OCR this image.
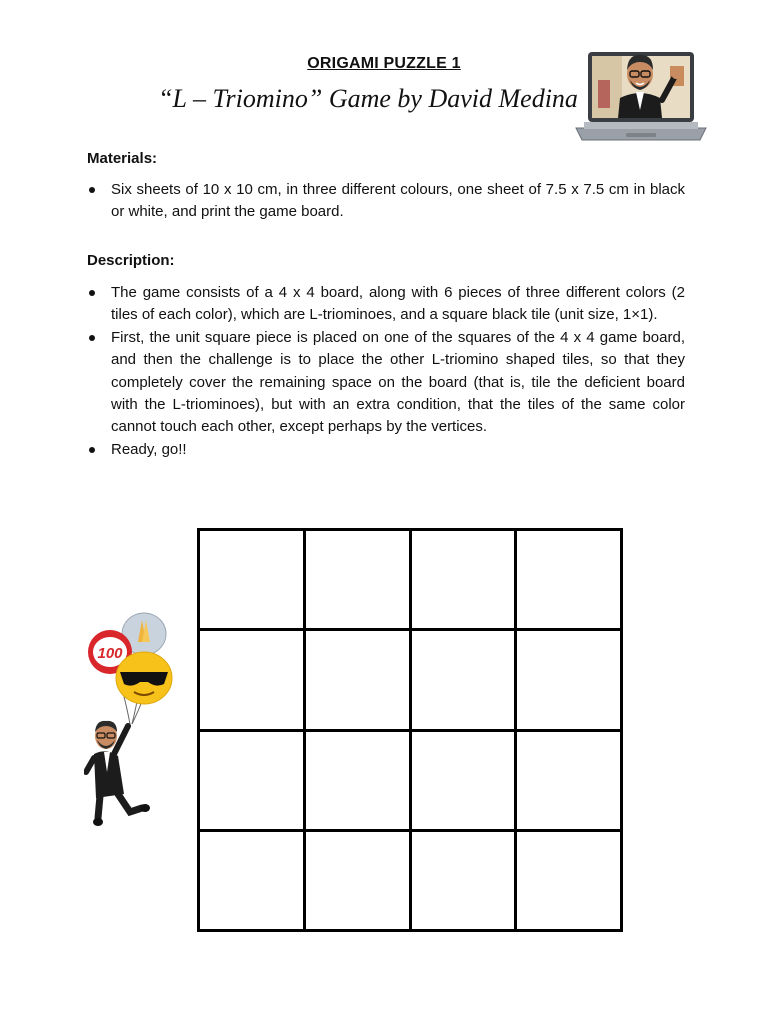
ORIGAMI PUZZLE 1
“L – Triomino” Game by David Medina
Materials:
Six sheets of 10 x 10 cm, in three different colours, one sheet of 7.5 x 7.5 cm in black or white, and print the game board.
Description:
The game consists of a 4 x 4 board, along with 6 pieces of three different colors (2 tiles of each color), which are L-triominoes, and a square black tile (unit size, 1×1).
First, the unit square piece is placed on one of the squares of the 4 x 4 game board, and then the challenge is to place the other L-triomino shaped tiles, so that they completely cover the remaining space on the board (that is, tile the deficient board with the L-triominoes), but with an extra condition, that the tiles of the same color cannot touch each other, except perhaps by the vertices.
Ready, go!!
100
